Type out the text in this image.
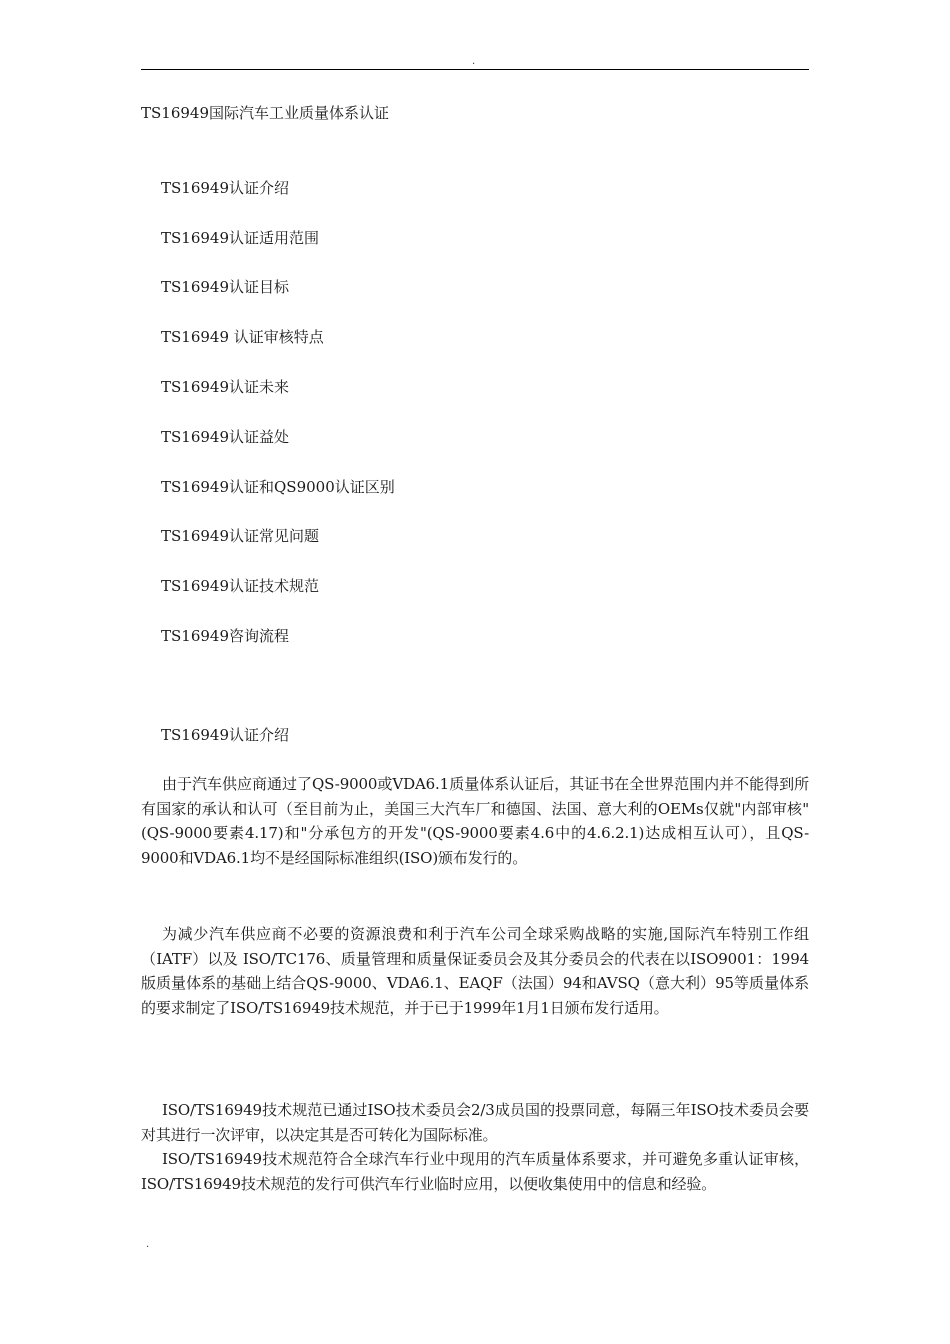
.
TS16949国际汽车工业质量体系认证
TS16949认证介绍
TS16949认证适用范围
TS16949认证目标
TS16949 认证审核特点
TS16949认证未来
TS16949认证益处
TS16949认证和QS9000认证区别
TS16949认证常见问题
TS16949认证技术规范
TS16949咨询流程
TS16949认证介绍

由于汽车供应商通过了QS-9000或VDA6.1质量体系认证后，其证书在全世界范围内并不能得到所有国家的承认和认可（至目前为止，美国三大汽车厂和德国、法国、意大利的OEMs仅就"内部审核"(QS-9000要素4.17)和"分承包方的开发"(QS-9000要素4.6中的4.6.2.1)达成相互认可），且QS-9000和VDA6.1均不是经国际标准组织(ISO)颁布发行的。

为减少汽车供应商不必要的资源浪费和利于汽车公司全球采购战略的实施,国际汽车特别工作组（IATF）以及 ISO/TC176、质量管理和质量保证委员会及其分委员会的代表在以ISO9001：1994版质量体系的基础上结合QS-9000、VDA6.1、EAQF（法国）94和AVSQ（意大利）95等质量体系的要求制定了ISO/TS16949技术规范，并于已于1999年1月1日颁布发行适用。

ISO/TS16949技术规范已通过ISO技术委员会2/3成员国的投票同意，每隔三年ISO技术委员会要对其进行一次评审，以决定其是否可转化为国际标准。

ISO/TS16949技术规范符合全球汽车行业中现用的汽车质量体系要求，并可避免多重认证审核，ISO/TS16949技术规范的发行可供汽车行业临时应用，以便收集使用中的信息和经验。

.
